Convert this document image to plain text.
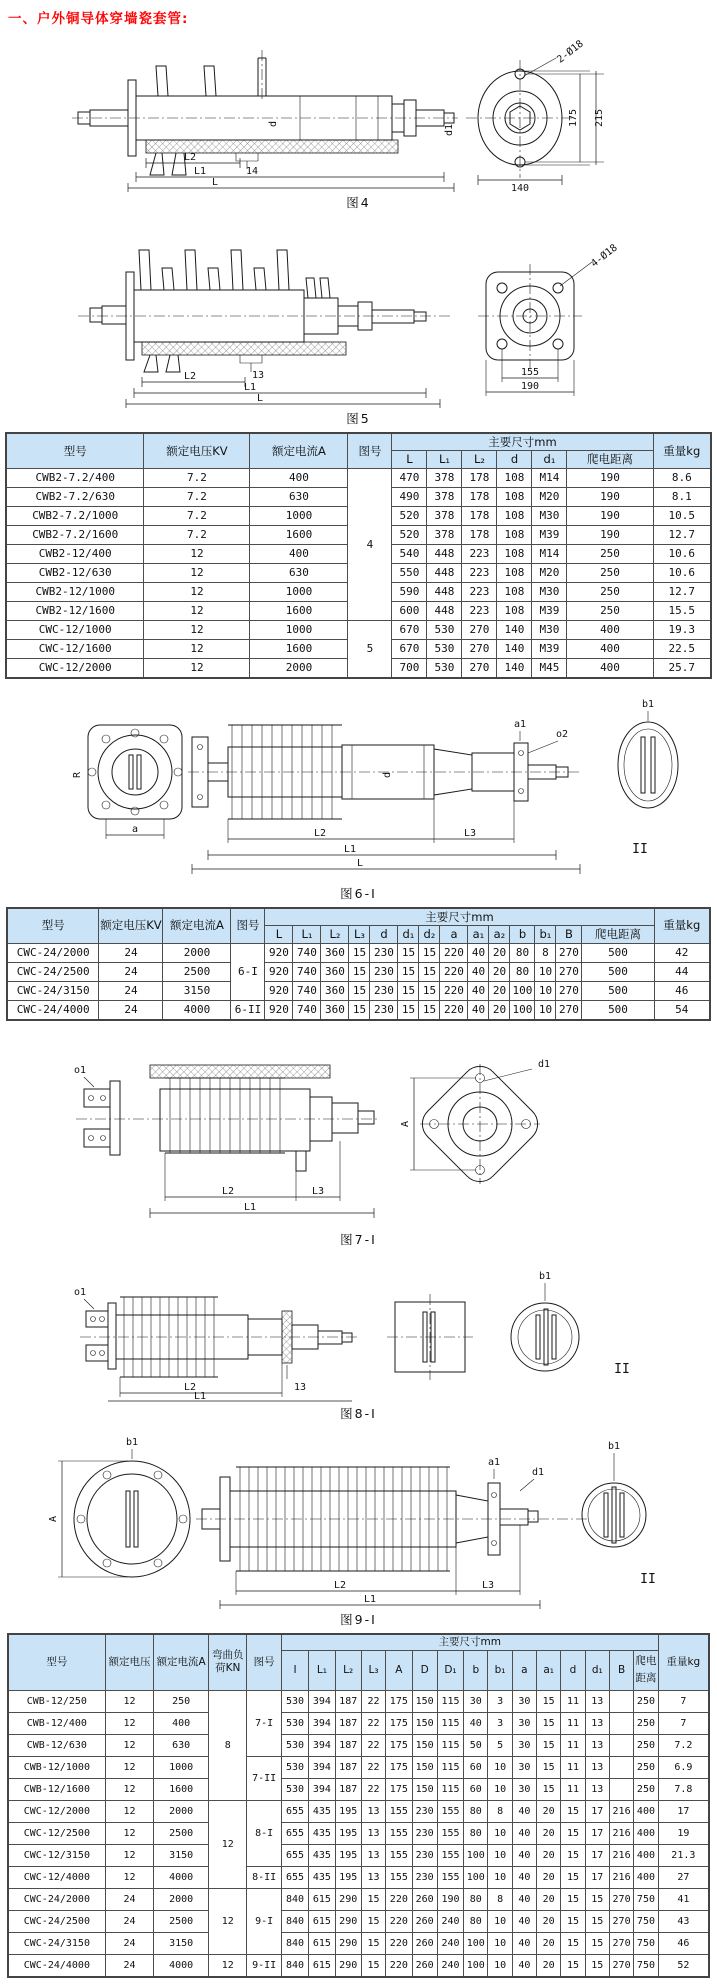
一、户外铜导体穿墙瓷套管:
d	d1
L2
14
L1
L
175 215
140
2-Ø18
图4
L2	13
L1
L
4-Ø18
155
190
图5
型号	额定电压KV	额定电流A	图号	主要尺寸mm						重量kg
				L	L₁	L₂	d	d₁	爬电距离	
CWB2-7.2/400	7.2	400	4	470	378	178	108	M14	190	8.6
CWB2-7.2/630	7.2	630		490	378	178	108	M20	190	8.1
CWB2-7.2/1000	7.2	1000		520	378	178	108	M30	190	10.5
CWB2-7.2/1600	7.2	1600		520	378	178	108	M39	190	12.7
CWB2-12/400	12	400		540	448	223	108	M14	250	10.6
CWB2-12/630	12	630		550	448	223	108	M20	250	10.6
CWB2-12/1000	12	1000		590	448	223	108	M30	250	12.7
CWB2-12/1600	12	1600		600	448	223	108	M39	250	15.5
CWC-12/1000	12	1000	5	670	530	270	140	M30	400	19.3
CWC-12/1600	12	1600		670	530	270	140	M39	400	22.5
CWC-12/2000	12	2000		700	530	270	140	M45	400	25.7
R
a
a1
o2
d
L2	L3
L1
L
b1
II
图6-I
型号	额定电压KV	额定电流A	图号	主要尺寸mm														重量kg
				L	L₁	L₂	L₃	d	d₁	d₂	a	a₁	a₂	b	b₁	B	爬电距离	
CWC-24/2000	24	2000	6-I	920	740	360	15	230	15	15	220	40	20	80	8	270	500	42
CWC-24/2500	24	2500		920	740	360	15	230	15	15	220	40	20	80	10	270	500	44
CWC-24/3150	24	3150		920	740	360	15	230	15	15	220	40	20	100	10	270	500	46
CWC-24/4000	24	4000	6-II	920	740	360	15	230	15	15	220	40	20	100	10	270	500	54
o1
L2	L3
L1
A
d1
图7-I
o1
L2	13
L1
b1
II
图8-I
b1
A
a1
d1
L2	L3
L1
b1
II
图9-I
型号	额定电压	额定电流A	弯曲负荷KN	图号	主要尺寸mm															重量kg
					I	L₁	L₂	L₃	A	D	D₁	b	b₁	a	a₁	d	d₁	B	爬电距离	
CWB-12/250	12	250	8	7-I	530	394	187	22	175	150	115	30	3	30	15	11	13		250	7
CWB-12/400	12	400			530	394	187	22	175	150	115	40	3	30	15	11	13		250	7
CWB-12/630	12	630			530	394	187	22	175	150	115	50	5	30	15	11	13		250	7.2
CWB-12/1000	12	1000		7-II	530	394	187	22	175	150	115	60	10	30	15	11	13		250	6.9
CWB-12/1600	12	1600			530	394	187	22	175	150	115	60	10	30	15	11	13		250	7.8
CWC-12/2000	12	2000	12	8-I	655	435	195	13	155	230	155	80	8	40	20	15	17	216	400	17
CWC-12/2500	12	2500			655	435	195	13	155	230	155	80	10	40	20	15	17	216	400	19
CWC-12/3150	12	3150			655	435	195	13	155	230	155	100	10	40	20	15	17	216	400	21.3
CWC-12/4000	12	4000		8-II	655	435	195	13	155	230	155	100	10	40	20	15	17	216	400	27
CWC-24/2000	24	2000	12	9-I	840	615	290	15	220	260	190	80	8	40	20	15	15	270	750	41
CWC-24/2500	24	2500			840	615	290	15	220	260	240	80	10	40	20	15	15	270	750	43
CWC-24/3150	24	3150			840	615	290	15	220	260	240	100	10	40	20	15	15	270	750	46
CWC-24/4000	24	4000	12	9-II	840	615	290	15	220	260	240	100	10	40	20	15	15	270	750	52
